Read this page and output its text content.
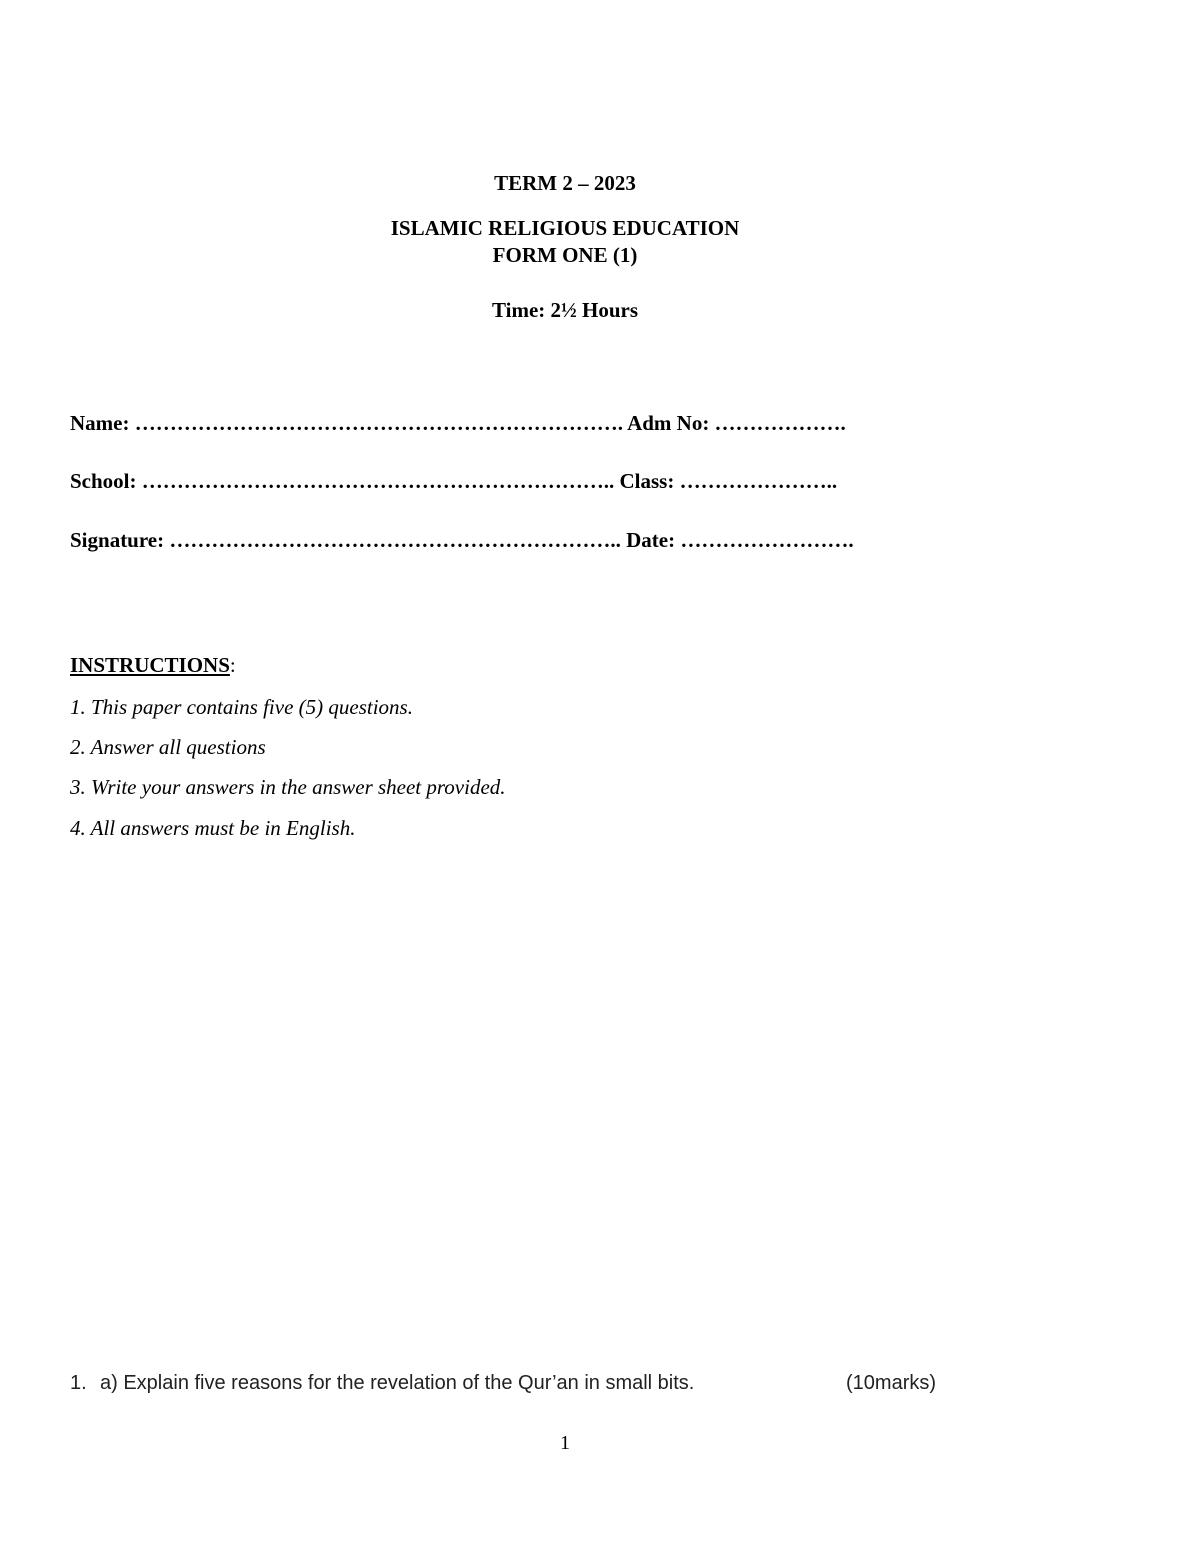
TERM 2 – 2023
ISLAMIC RELIGIOUS EDUCATION
FORM ONE (1)
Time: 2½ Hours
Name: ……………………………………………………………. Adm No: ……………….
School: ………………………………………………………….. Class: …………………..
Signature: ……………………………………………………….. Date: …………………….
INSTRUCTIONS:
1. This paper contains five (5) questions.
2. Answer all questions
3. Write your answers in the answer sheet provided.
4. All answers must be in English.
1. a) Explain five reasons for the revelation of the Qur’an in small bits.	(10marks)
1
